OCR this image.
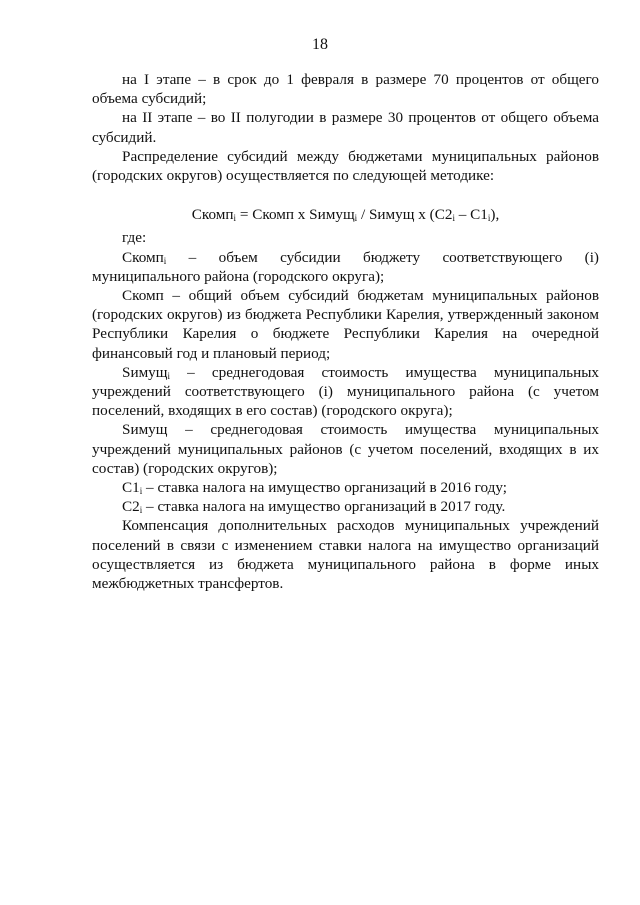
18

на I этапе – в срок до 1 февраля в размере 70 процентов от общего объема субсидий;

на II этапе – во II полугодии в размере 30 процентов от общего объема субсидий.

Распределение субсидий между бюджетами муниципальных районов (городских округов) осуществляется по следующей методике:

Скомп$_i$ = Скомп х Sимущ$_i$ / Sимущ х $(С2_i - С1_i)$,

где:

Скомп$_i$ – объем субсидии бюджету соответствующего (i) муниципального района (городского округа);

Скомп – общий объем субсидий бюджетам муниципальных районов (городских округов) из бюджета Республики Карелия, утвержденный законом Республики Карелия о бюджете Республики Карелия на очередной финансовый год и плановый период;

Sимущ$_i$ – среднегодовая стоимость имущества муниципальных учреждений соответствующего (i) муниципального района (с учетом поселений, входящих в его состав) (городского округа);

Sимущ – среднегодовая стоимость имущества муниципальных учреждений муниципальных районов (с учетом поселений, входящих в их состав) (городских округов);

$С1_i$ – ставка налога на имущество организаций в 2016 году;

$С2_i$ – ставка налога на имущество организаций в 2017 году.

Компенсация дополнительных расходов муниципальных учреждений поселений в связи с изменением ставки налога на имущество организаций осуществляется из бюджета муниципального района в форме иных межбюджетных трансфертов.
